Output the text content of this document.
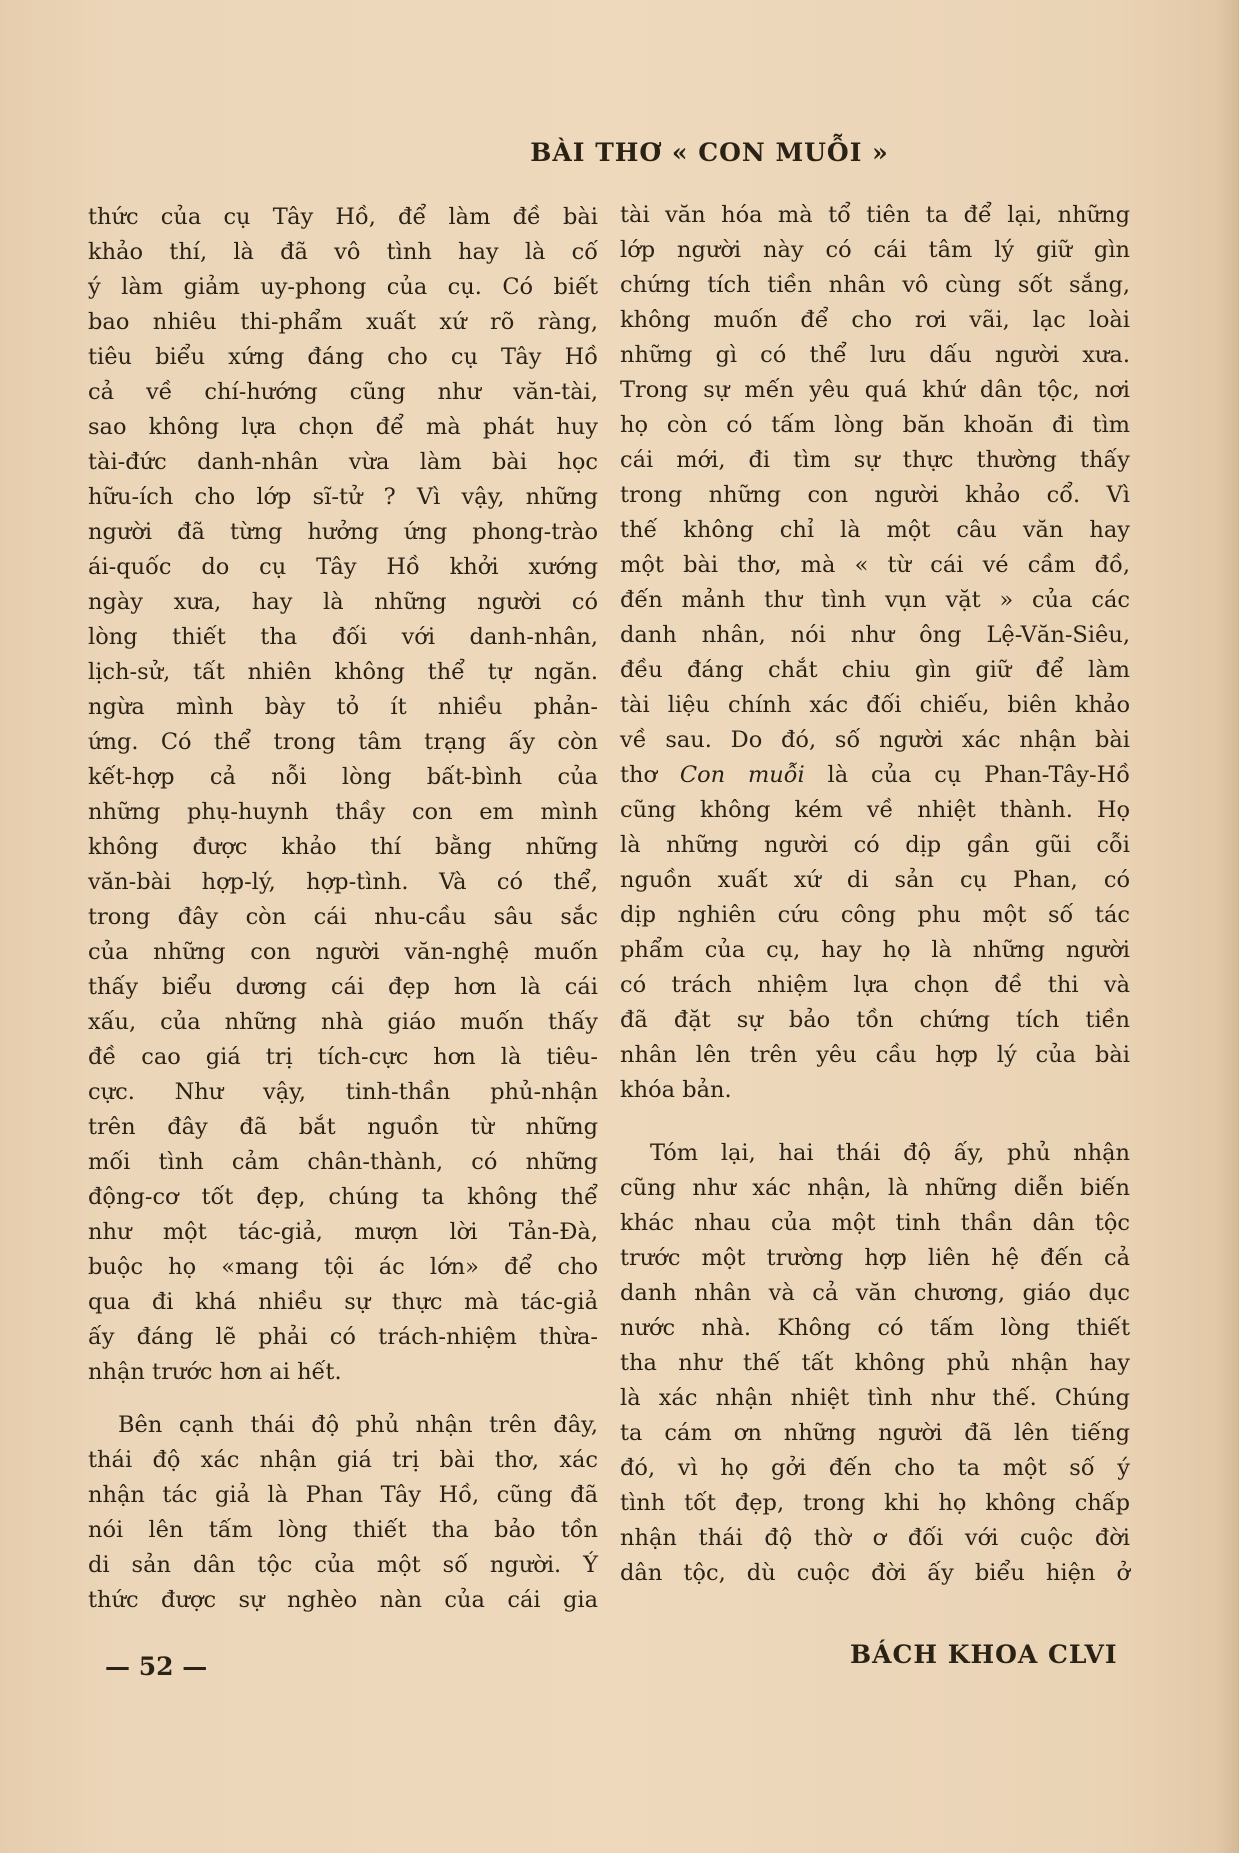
BÀI THƠ « CON MUỖI »

thức của cụ Tây Hồ, để làm đề bài
khảo thí, là đã vô tình hay là cố
ý làm giảm uy-phong của cụ. Có biết
bao nhiêu thi-phẩm xuất xứ rõ ràng,
tiêu biểu xứng đáng cho cụ Tây Hồ
cả về chí-hướng cũng như văn-tài,
sao không lựa chọn để mà phát huy
tài-đức danh-nhân vừa làm bài học
hữu-ích cho lớp sĩ-tử ? Vì vậy, những
người đã từng hưởng ứng phong-trào
ái-quốc do cụ Tây Hồ khởi xướng
ngày xưa, hay là những người có
lòng thiết tha đối với danh-nhân,
lịch-sử, tất nhiên không thể tự ngăn.
ngừa mình bày tỏ ít nhiều phản-
ứng. Có thể trong tâm trạng ấy còn
kết-hợp cả nỗi lòng bất-bình của
những phụ-huynh thầy con em mình
không được khảo thí bằng những
văn-bài hợp-lý, hợp-tình. Và có thể,
trong đây còn cái nhu-cầu sâu sắc
của những con người văn-nghệ muốn
thấy biểu dương cái đẹp hơn là cái
xấu, của những nhà giáo muốn thấy
đề cao giá trị tích-cực hơn là tiêu-
cực. Như vậy, tinh-thần phủ-nhận
trên đây đã bắt nguồn từ những
mối tình cảm chân-thành, có những
động-cơ tốt đẹp, chúng ta không thể
như một tác-giả, mượn lời Tản-Đà,
buộc họ «mang tội ác lớn» để cho
qua đi khá nhiều sự thực mà tác-giả
ấy đáng lẽ phải có trách-nhiệm thừa-
nhận trước hơn ai hết.

Bên cạnh thái độ phủ nhận trên đây,
thái độ xác nhận giá trị bài thơ, xác
nhận tác giả là Phan Tây Hồ, cũng đã
nói lên tấm lòng thiết tha bảo tồn
di sản dân tộc của một số người. Ý
thức được sự nghèo nàn của cái gia

tài văn hóa mà tổ tiên ta để lại, những
lớp người này có cái tâm lý giữ gìn
chứng tích tiền nhân vô cùng sốt sắng,
không muốn để cho rơi vãi, lạc loài
những gì có thể lưu dấu người xưa.
Trong sự mến yêu quá khứ dân tộc, nơi
họ còn có tấm lòng băn khoăn đi tìm
cái mới, đi tìm sự thực thường thấy
trong những con người khảo cổ. Vì
thế không chỉ là một câu văn hay
một bài thơ, mà « từ cái vé cầm đồ,
đến mảnh thư tình vụn vặt » của các
danh nhân, nói như ông Lệ-Văn-Siêu,
đều đáng chắt chiu gìn giữ để làm
tài liệu chính xác đối chiếu, biên khảo
về sau. Do đó, số người xác nhận bài
thơ Con muỗi là của cụ Phan-Tây-Hồ
cũng không kém về nhiệt thành. Họ
là những người có dịp gần gũi cỗi
nguồn xuất xứ di sản cụ Phan, có
dịp nghiên cứu công phu một số tác
phẩm của cụ, hay họ là những người
có trách nhiệm lựa chọn đề thi và
đã đặt sự bảo tồn chứng tích tiền
nhân lên trên yêu cầu hợp lý của bài
khóa bản.

Tóm lại, hai thái độ ấy, phủ nhận
cũng như xác nhận, là những diễn biến
khác nhau của một tinh thần dân tộc
trước một trường hợp liên hệ đến cả
danh nhân và cả văn chương, giáo dục
nước nhà. Không có tấm lòng thiết
tha như thế tất không phủ nhận hay
là xác nhận nhiệt tình như thế. Chúng
ta cám ơn những người đã lên tiếng
đó, vì họ gởi đến cho ta một số ý
tình tốt đẹp, trong khi họ không chấp
nhận thái độ thờ ơ đối với cuộc đời
dân tộc, dù cuộc đời ấy biểu hiện ở

— 52 —	BÁCH KHOA CLVI
